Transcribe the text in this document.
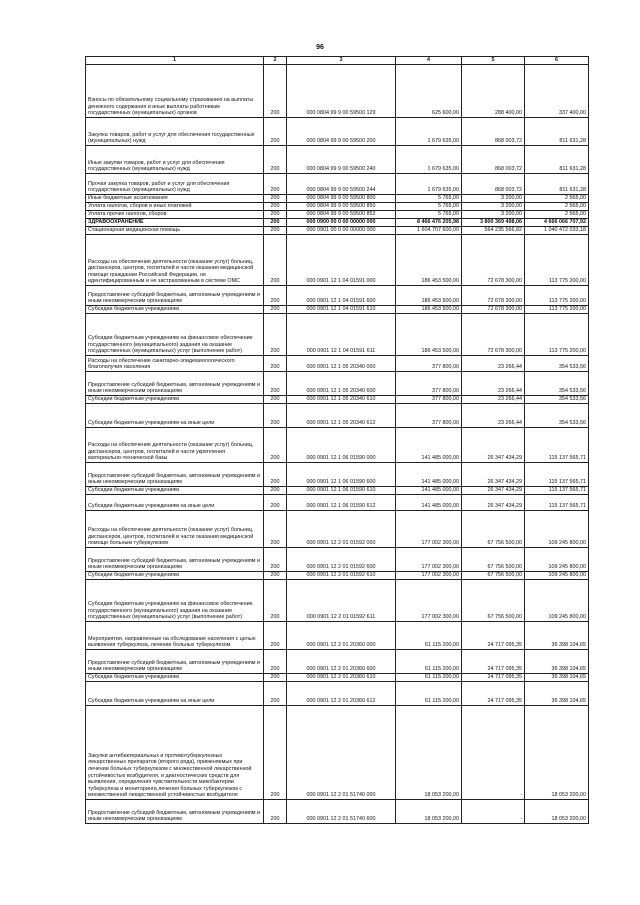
96
1	2	3	4	5	6
Взносы по обязательному социальному страхованию на выплаты денежного содержания и иные выплаты работникам государственных (муниципальных) органов	200	000 0804 99 9 00 59500 129	625 600,00	288 400,00	337 400,00
Закупка товаров, работ и услуг для обеспечения государственных (муниципальных) нужд	200	000 0804 99 9 00 59500 200	1 679 635,00	868 003,72	811 631,28
Иные закупки товаров, работ и услуг для обеспечения государственных (муниципальных) нужд	200	000 0804 99 9 00 59500 240	1 679 635,00	868 003,72	811 631,28
Прочая закупка товаров, работ и услуг для обеспечения государственных (муниципальных) нужд	200	000 0804 99 9 00 59500 244	1 679 635,00	868 003,72	811 631,28
Иные бюджетные ассигнования	200	000 0804 99 9 00 59500 800	5 765,00	3 200,00	2 565,00
Уплата налогов, сборов и иных платежей	200	000 0804 99 9 00 59500 850	5 765,00	3 200,00	2 565,00
Уплата прочих налогов, сборов	200	000 0804 99 9 00 59500 852	5 765,00	3 200,00	2 565,00
ЗДРАВООХРАНЕНИЕ	200	000 0900 00 0 00 00000 000	8 466 476 205,98	3 800 369 498,06	4 666 066 707,92
Стационарная медицинская помощь	200	000 0901 00 0 00 00000 000	1 604 707 600,00	564 235 566,82	1 040 472 033,18
Расходы на обеспечение деятельности (оказание услуг) больниц, диспансеров, центров, госпиталей в части оказания медицинской помощи гражданам Российской Федерации, не идентифицированным и не застрахованным в системе ОМС	200	000 0901 12 1 04 01591 000	186 453 500,00	72 678 300,00	113 775 200,00
Предоставление субсидий бюджетным, автономным учреждениям и иным некоммерческим организациям	200	000 0901 12 1 04 01591 600	186 453 500,00	72 678 300,00	113 775 200,00
Субсидии бюджетным учреждениям	200	000 0901 12 1 04 01591 610	186 453 500,00	72 678 300,00	113 775 200,00
Субсидии бюджетным учреждениям на финансовое обеспечение государственного (муниципального) задания на оказание государственных (муниципальных) услуг (выполнение работ)	200	000 0901 12 1 04 01591 611	186 453 500,00	72 678 300,00	113 775 200,00
Расходы на обеспечение санитарно-эпидемиологического благополучия населения	200	000 0901 12 1 05 20340 000	377 800,00	23 266,44	354 533,56
Предоставление субсидий бюджетным, автономным учреждениям и иным некоммерческим организациям	200	000 0901 12 1 05 20340 600	377 800,00	23 266,44	354 533,56
Субсидии бюджетным учреждениям	200	000 0901 12 1 05 20340 610	377 800,00	23 266,44	354 533,56
Субсидии бюджетным учреждениям на иные цели	200	000 0901 12 1 05 20340 612	377 800,00	23 266,44	354 533,56
Расходы на обеспечение деятельности (оказание услуг) больниц, диспансеров, центров, госпиталей в части укрепления материально-технической базы	200	000 0901 12 1 06 01590 000	141 485 000,00	26 347 434,29	115 137 565,71
Предоставление субсидий бюджетным, автономным учреждениям и иным некоммерческим организациям	200	000 0901 12 1 06 01590 600	141 485 000,00	26 347 434,29	115 137 565,71
Субсидии бюджетным учреждениям	200	000 0901 12 1 06 01590 610	141 485 000,00	26 347 434,29	115 137 565,71
Субсидии бюджетным учреждениям на иные цели	200	000 0901 12 1 06 01590 612	141 485 000,00	26 347 434,29	115 137 565,71
Расходы на обеспечение деятельности (оказание услуг) больниц, диспансеров, центров, госпиталей в части оказания медицинской помощи больным туберкулезом	200	000 0901 12 2 01 01592 000	177 002 300,00	67 756 500,00	109 245 800,00
Предоставление субсидий бюджетным, автономным учреждениям и иным некоммерческим организациям	200	000 0901 12 2 01 01592 600	177 002 300,00	67 756 500,00	109 245 800,00
Субсидии бюджетным учреждениям	200	000 0901 12 2 01 01592 610	177 002 300,00	67 756 500,00	109 245 800,00
Субсидии бюджетным учреждениям на финансовое обеспечение государственного (муниципального) задания на оказание государственных (муниципальных) услуг (выполнение работ)	200	000 0901 12 2 01 01592 611	177 002 300,00	67 756 500,00	109 245 800,00
Мероприятия, направленные на обследование населения с целью выявления туберкулеза, лечение больных туберкулезом	200	000 0901 12 2 01 20360 000	61 115 200,00	24 717 095,35	36 398 104,65
Предоставление субсидий бюджетным, автономным учреждениям и иным некоммерческим организациям	200	000 0901 12 2 01 20360 600	61 115 200,00	24 717 095,35	36 398 104,65
Субсидии бюджетным учреждениям	200	000 0901 12 2 01 20360 610	61 115 200,00	24 717 095,35	36 398 104,65
Субсидии бюджетным учреждениям на иные цели	200	000 0901 12 2 01 20360 612	61 115 200,00	24 717 095,35	36 398 104,65
Закупки антибактериальных и противотуберкулезных лекарственных препаратов (второго ряда), применяемых при лечении больных туберкулезом с множественной лекарственной устойчивостью возбудителя, и диагностических средств для выявления, определения чувствительности микобактерии туберкулеза и мониторинга лечения больных туберкулезом с множественной лекарственной устойчивостью возбудителя	200	000 0901 12 2 01 51740 000	18 053 200,00	-	18 053 200,00
Предоставление субсидий бюджетным, автономным учреждениям и иным некоммерческим организациям	200	000 0901 12 2 01 51740 600	18 053 200,00	-	18 053 200,00
